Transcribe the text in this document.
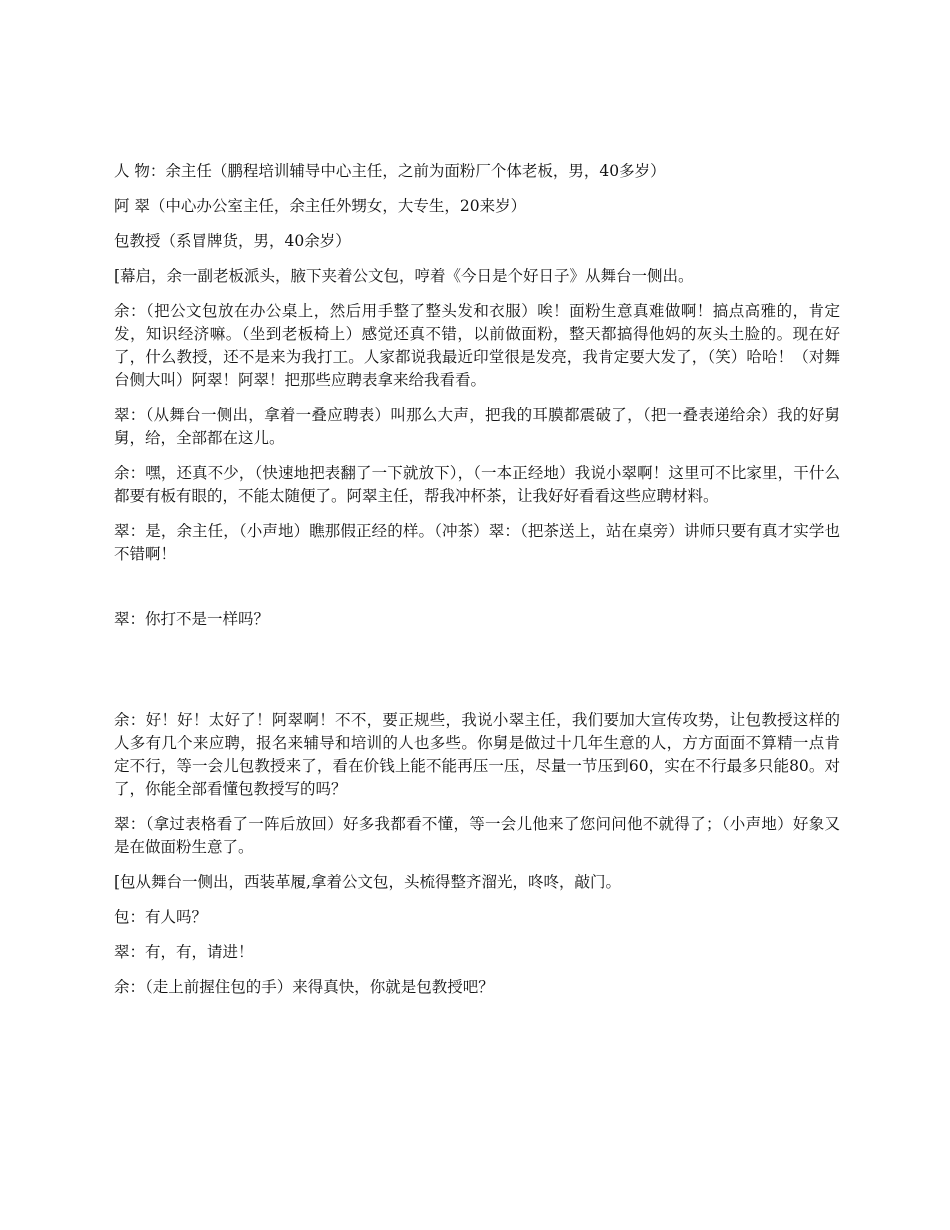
人 物：余主任（鹏程培训辅导中心主任，之前为面粉厂个体老板，男，40多岁）

阿 翠（中心办公室主任，余主任外甥女，大专生，20来岁）

包教授（系冒牌货，男，40余岁）

[幕启，余一副老板派头，腋下夹着公文包，哼着《今日是个好日子》从舞台一侧出。

余：（把公文包放在办公桌上，然后用手整了整头发和衣服）唉！面粉生意真难做啊！搞点高雅的，肯定发，知识经济嘛。（坐到老板椅上）感觉还真不错，以前做面粉，整天都搞得他妈的灰头土脸的。现在好了，什么教授，还不是来为我打工。人家都说我最近印堂很是发亮，我肯定要大发了，（笑）哈哈！（对舞台侧大叫）阿翠！阿翠！把那些应聘表拿来给我看看。

翠：（从舞台一侧出，拿着一叠应聘表）叫那么大声，把我的耳膜都震破了，（把一叠表递给余）我的好舅舅，给，全部都在这儿。

余：嘿，还真不少，（快速地把表翻了一下就放下），（一本正经地）我说小翠啊！这里可不比家里，干什么都要有板有眼的，不能太随便了。阿翠主任，帮我冲杯茶，让我好好看看这些应聘材料。

翠：是，余主任，（小声地）瞧那假正经的样。（冲茶）翠：（把茶送上，站在桌旁）讲师只要有真才实学也不错啊！

翠：你打不是一样吗？

余：好！好！太好了！阿翠啊！不不，要正规些，我说小翠主任，我们要加大宣传攻势，让包教授这样的人多有几个来应聘，报名来辅导和培训的人也多些。你舅是做过十几年生意的人，方方面面不算精一点肯定不行，等一会儿包教授来了，看在价钱上能不能再压一压，尽量一节压到60，实在不行最多只能80。对了，你能全部看懂包教授写的吗？

翠：（拿过表格看了一阵后放回）好多我都看不懂，等一会儿他来了您问问他不就得了；（小声地）好象又是在做面粉生意了。

[包从舞台一侧出，西装革履,拿着公文包，头梳得整齐溜光，咚咚，敲门。

包：有人吗？

翠：有，有，请进！

余：（走上前握住包的手）来得真快，你就是包教授吧？
